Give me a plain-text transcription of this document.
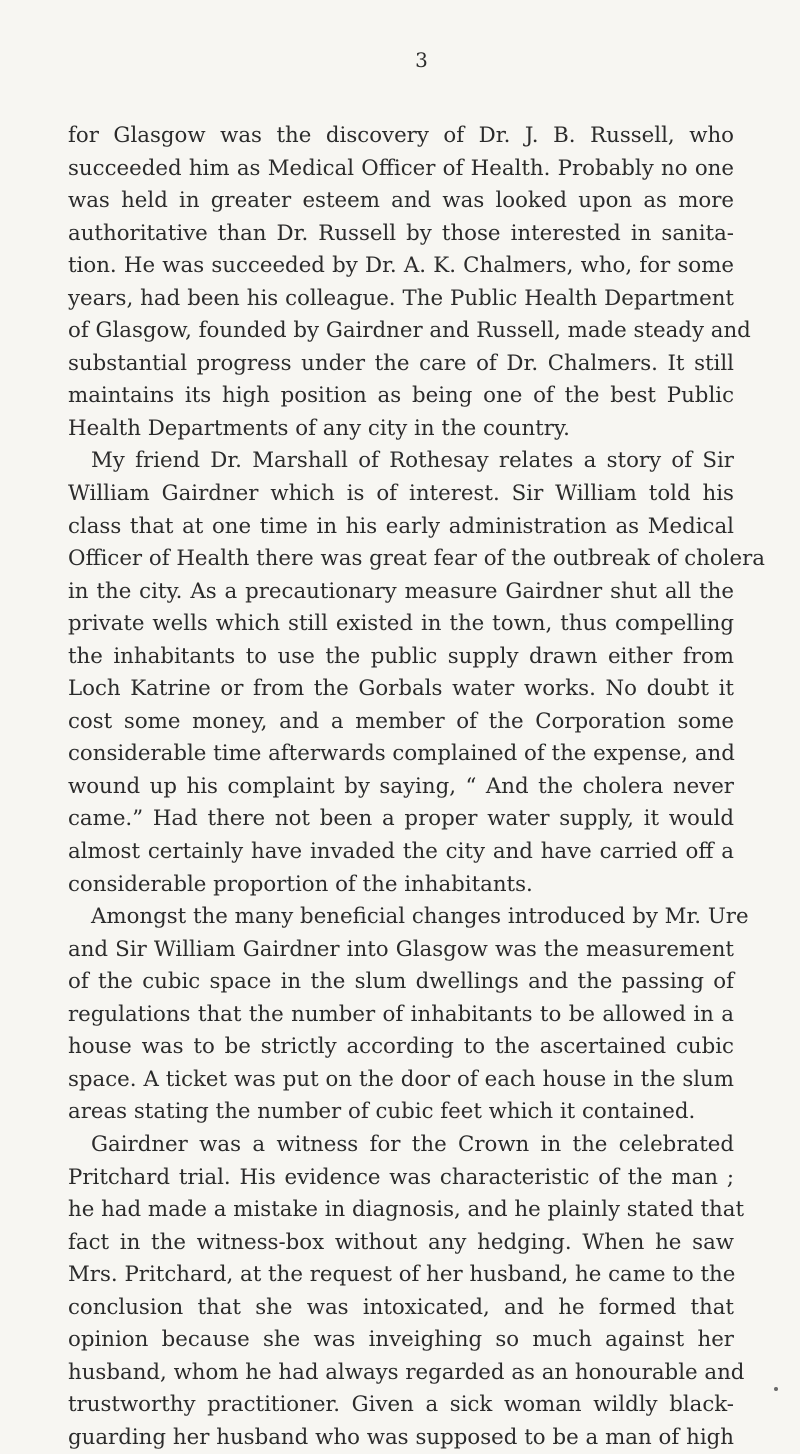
3
for Glasgow was the discovery of Dr. J. B. Russell, who
succeeded him as Medical Officer of Health. Probably no one
was held in greater esteem and was looked upon as more
authoritative than Dr. Russell by those interested in sanita-
tion. He was succeeded by Dr. A. K. Chalmers, who, for some
years, had been his colleague. The Public Health Department
of Glasgow, founded by Gairdner and Russell, made steady and
substantial progress under the care of Dr. Chalmers. It still
maintains its high position as being one of the best Public
Health Departments of any city in the country.
My friend Dr. Marshall of Rothesay relates a story of Sir
William Gairdner which is of interest. Sir William told his
class that at one time in his early administration as Medical
Officer of Health there was great fear of the outbreak of cholera
in the city. As a precautionary measure Gairdner shut all the
private wells which still existed in the town, thus compelling
the inhabitants to use the public supply drawn either from
Loch Katrine or from the Gorbals water works. No doubt it
cost some money, and a member of the Corporation some
considerable time afterwards complained of the expense, and
wound up his complaint by saying, “ And the cholera never
came.” Had there not been a proper water supply, it would
almost certainly have invaded the city and have carried off a
considerable proportion of the inhabitants.
Amongst the many beneficial changes introduced by Mr. Ure
and Sir William Gairdner into Glasgow was the measurement
of the cubic space in the slum dwellings and the passing of
regulations that the number of inhabitants to be allowed in a
house was to be strictly according to the ascertained cubic
space. A ticket was put on the door of each house in the slum
areas stating the number of cubic feet which it contained.
Gairdner was a witness for the Crown in the celebrated
Pritchard trial. His evidence was characteristic of the man ;
he had made a mistake in diagnosis, and he plainly stated that
fact in the witness-box without any hedging. When he saw
Mrs. Pritchard, at the request of her husband, he came to the
conclusion that she was intoxicated, and he formed that
opinion because she was inveighing so much against her
husband, whom he had always regarded as an honourable and
trustworthy practitioner. Given a sick woman wildly black-
guarding her husband who was supposed to be a man of high
